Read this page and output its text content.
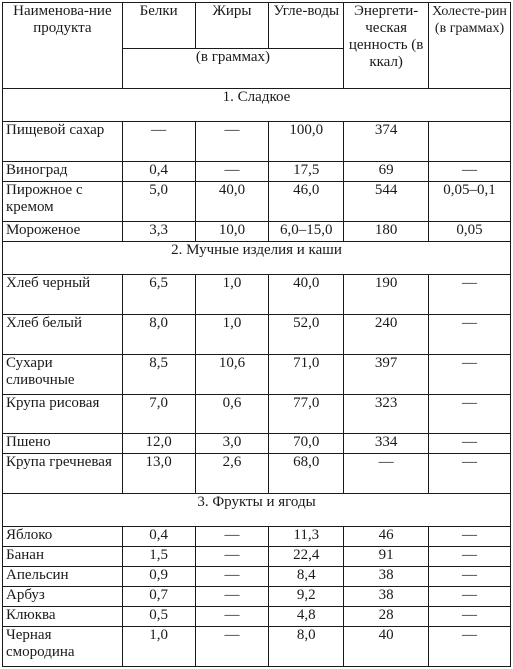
Наименова-ние продукта	Белки	Жиры	Угле-воды	Энергети-ческая ценность (в ккал)	Холесте-рин (в граммах)
	(в граммах)				
1. Сладкое					
Пищевой сахар	—	—	100,0	374	
Виноград	0,4	—	17,5	69	—
Пирожное с кремом	5,0	40,0	46,0	544	0,05–0,1
Мороженое	3,3	10,0	6,0–15,0	180	0,05
2. Мучные изделия и каши					
Хлеб черный	6,5	1,0	40,0	190	—
Хлеб белый	8,0	1,0	52,0	240	—
Сухари сливочные	8,5	10,6	71,0	397	—
Крупа рисовая	7,0	0,6	77,0	323	—
Пшено	12,0	3,0	70,0	334	—
Крупа гречневая	13,0	2,6	68,0	—	—
3. Фрукты и ягоды					
Яблоко	0,4	—	11,3	46	—
Банан	1,5	—	22,4	91	—
Апельсин	0,9	—	8,4	38	—
Арбуз	0,7	—	9,2	38	—
Клюква	0,5	—	4,8	28	—
Черная смородина	1,0	—	8,0	40	—
